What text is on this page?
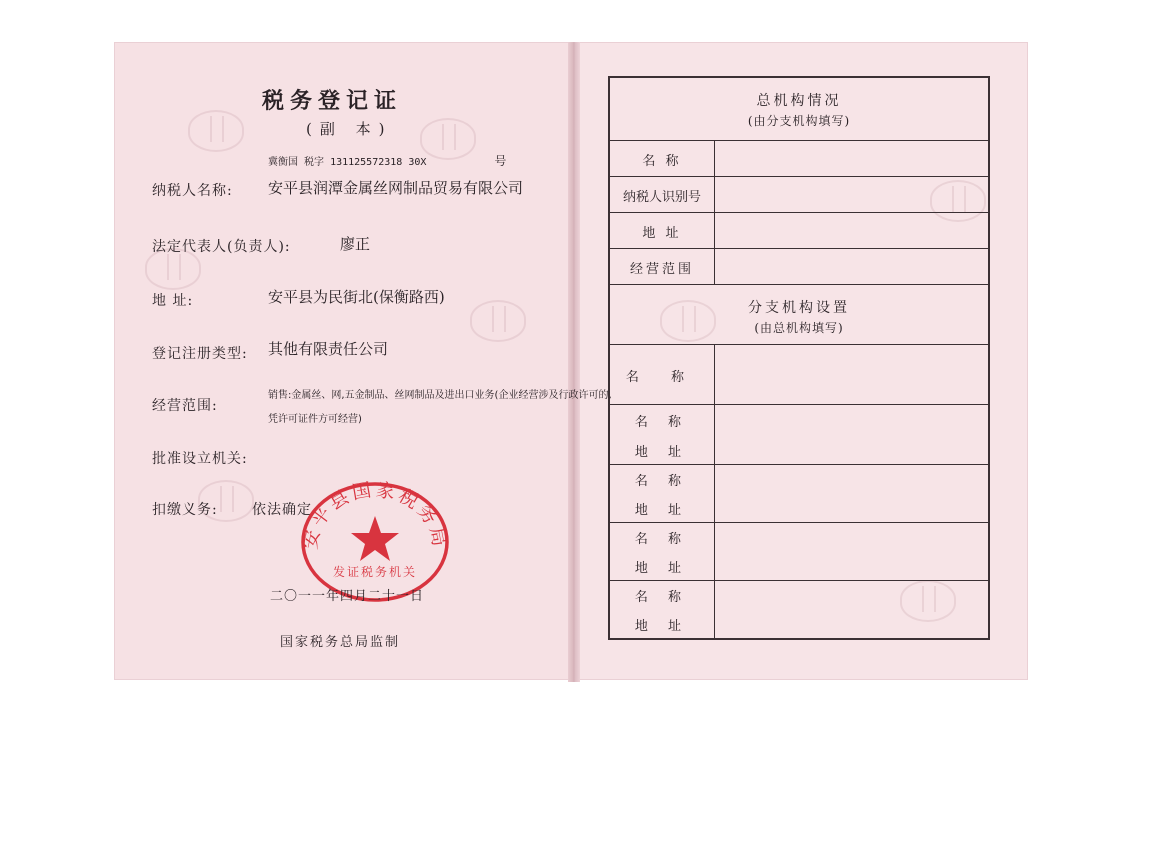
税务登记证
(副 本)
冀衡国 税字 131125572318 30X	号
纳税人名称: 安平县润潭金属丝网制品贸易有限公司
法定代表人(负责人):	廖正
地 址:	安平县为民街北(保衡路西)
登记注册类型: 其他有限责任公司
经营范围:
销售:金属丝、网,五金制品、丝网制品及进出口业务(企业经营涉及行政许可的,
凭许可证件方可经营)
批准设立机关:
扣缴义务: 依法确定
安平县国家税务局
发证税务机关
二〇一一年四月二十一日
国家税务总局监制
总机构情况
(由分支机构填写)
名 称
纳税人识别号
地 址
经营范围
分支机构设置
(由总机构填写)
名 称
名 称
地 址
名 称
地 址
名 称
地 址
名 称
地 址
